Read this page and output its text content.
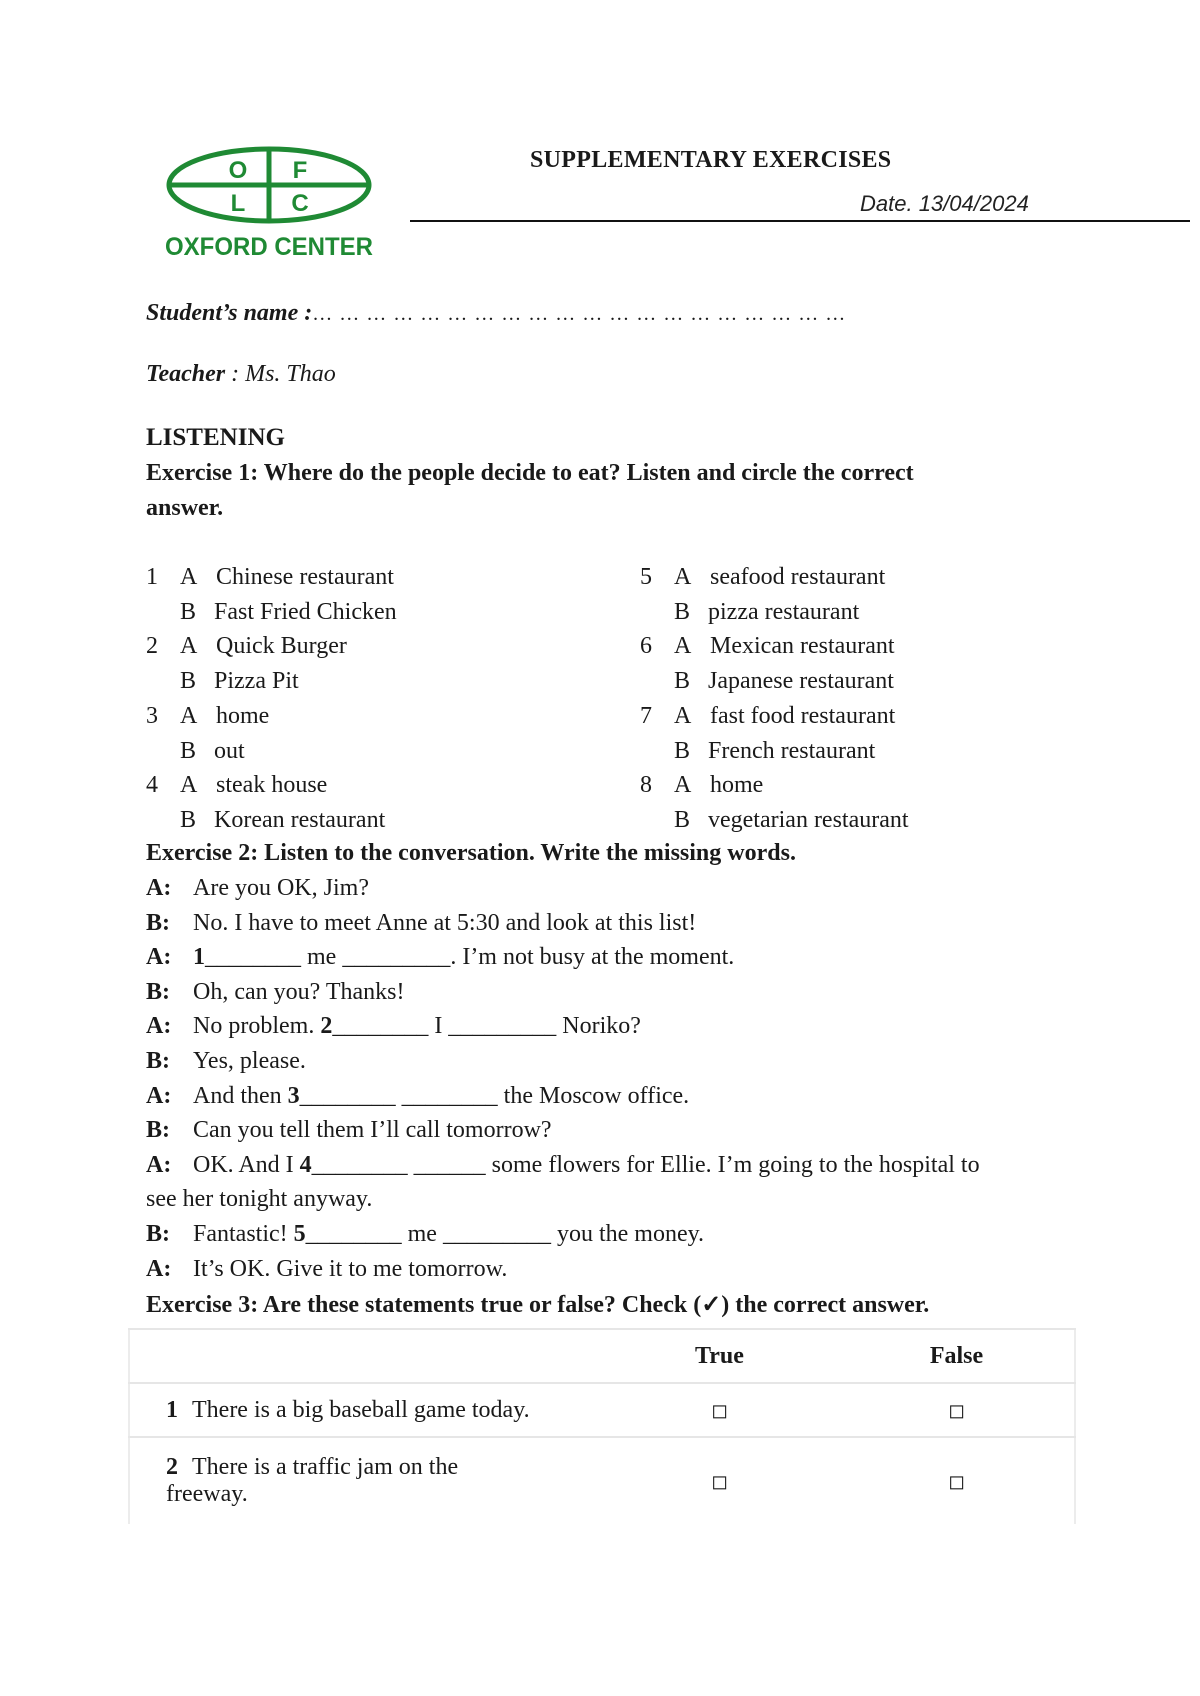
O F
L C
OXFORD CENTER
SUPPLEMENTARY EXERCISES
Date. 13/04/2024
Student’s name :… … … … … … … … … … … … … … … … … … … …
Teacher : Ms. Thao
LISTENING
Exercise 1: Where do the people decide to eat? Listen and circle the correct
answer.
1 A Chinese restaurant
B Fast Fried Chicken
2 A Quick Burger
B Pizza Pit
3 A home
B out
4 A steak house
B Korean restaurant
5 A seafood restaurant
B pizza restaurant
6 A Mexican restaurant
B Japanese restaurant
7 A fast food restaurant
B French restaurant
8 A home
B vegetarian restaurant
Exercise 2: Listen to the conversation. Write the missing words.
A: Are you OK, Jim?
B: No. I have to meet Anne at 5:30 and look at this list!
A: 1________ me _________. I’m not busy at the moment.
B: Oh, can you? Thanks!
A: No problem. 2________ I _________ Noriko?
B: Yes, please.
A: And then 3________ ________ the Moscow office.
B: Can you tell them I’ll call tomorrow?
A: OK. And I 4________ ______ some flowers for Ellie. I’m going to the hospital to
see her tonight anyway.
B: Fantastic! 5________ me _________ you the money.
A: It’s OK. Give it to me tomorrow.
Exercise 3: Are these statements true or false? Check (✓) the correct answer.
	True	False
1 There is a big baseball game today.	◻	◻
2 There is a traffic jam on the
freeway.	◻	◻
